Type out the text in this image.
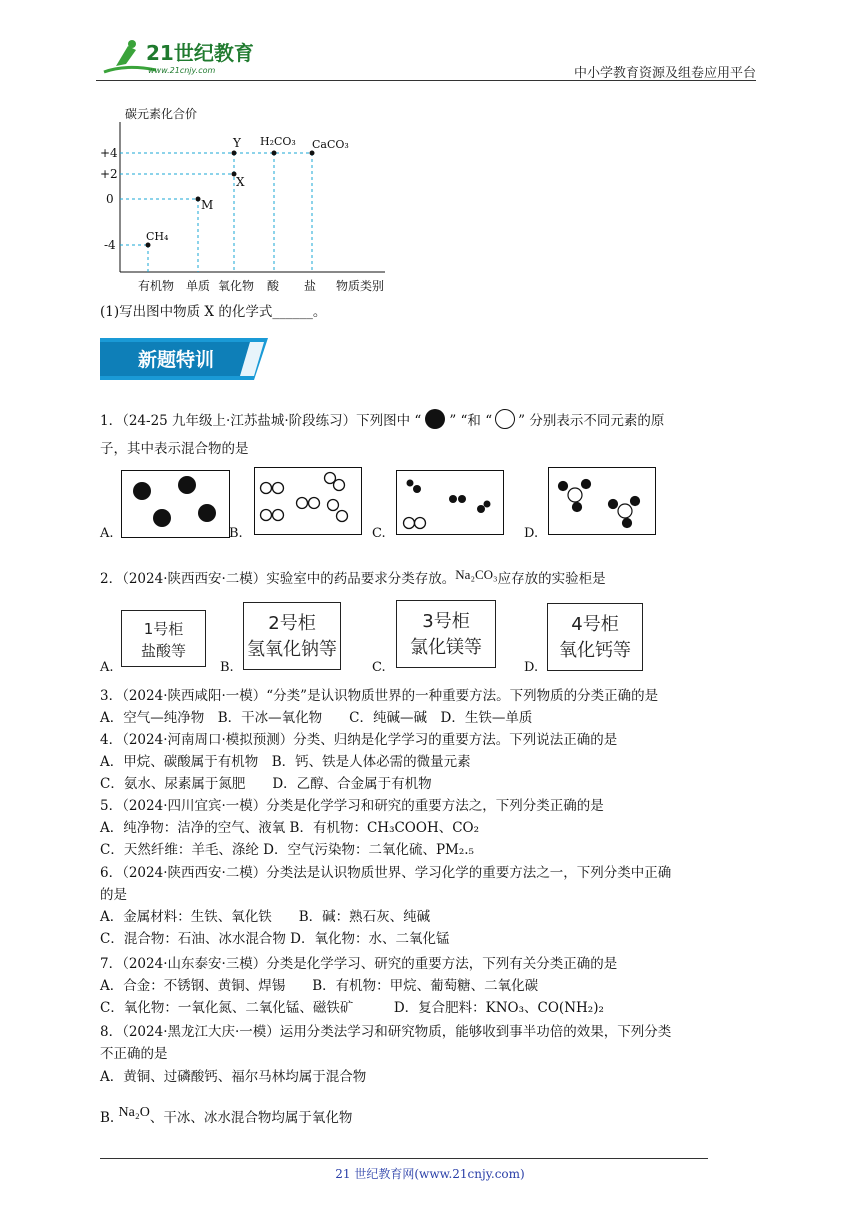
21世纪教育
www.21cnjy.com	中小学教育资源及组卷应用平台
碳元素化合价
+4
+2
0
-4
CH₄
M
X
Y H₂CO₃ CaCO₃
有机物 单质 氧化物 酸 盐 物质类别
(1)写出图中物质 X 的化学式______。
新题特训
1．（24-25 九年级上·江苏盐城·阶段练习）下列图中 “ ” “和 “ ” 分别表示不同元素的原
子，其中表示混合物的是
A.	B.	C.	D.
2．（2024·陕西西安·二模）实验室中的药品要求分类存放。Na₂CO₃应存放的实验柜是
A.
1号柜
盐酸等
B.
2号柜
氢氧化钠等
C.
3号柜
氯化镁等
D.
4号柜
氧化钙等
3．（2024·陕西咸阳·一模）“分类”是认识物质世界的一种重要方法。下列物质的分类正确的是
A．空气—纯净物　B．干冰—氧化物　　C．纯碱—碱　D．生铁—单质
4．（2024·河南周口·模拟预测）分类、归纳是化学学习的重要方法。下列说法正确的是
A．甲烷、碳酸属于有机物　B．钙、铁是人体必需的微量元素
C．氨水、尿素属于氮肥　　D．乙醇、合金属于有机物
5．（2024·四川宜宾·一模）分类是化学学习和研究的重要方法之，下列分类正确的是
A．纯净物：洁净的空气、液氧 B．有机物：CH₃COOH、CO₂
C．天然纤维：羊毛、涤纶 D．空气污染物：二氧化硫、PM₂.₅
6．（2024·陕西西安·二模）分类法是认识物质世界、学习化学的重要方法之一，下列分类中正确
的是
A．金属材料：生铁、氧化铁　　B．碱：熟石灰、纯碱
C．混合物：石油、冰水混合物 D．氧化物：水、二氧化锰
7．（2024·山东泰安·三模）分类是化学学习、研究的重要方法，下列有关分类正确的是
A．合金：不锈钢、黄铜、焊锡　　B．有机物：甲烷、葡萄糖、二氧化碳
C．氧化物：一氧化氮、二氧化锰、磁铁矿　　　D．复合肥料：KNO₃、CO(NH₂)₂
8．（2024·黑龙江大庆·一模）运用分类法学习和研究物质，能够收到事半功倍的效果，下列分类
不正确的是
A．黄铜、过磷酸钙、福尔马林均属于混合物
B. Na₂O、干冰、冰水混合物均属于氧化物
21 世纪教育网(www.21cnjy.com)
